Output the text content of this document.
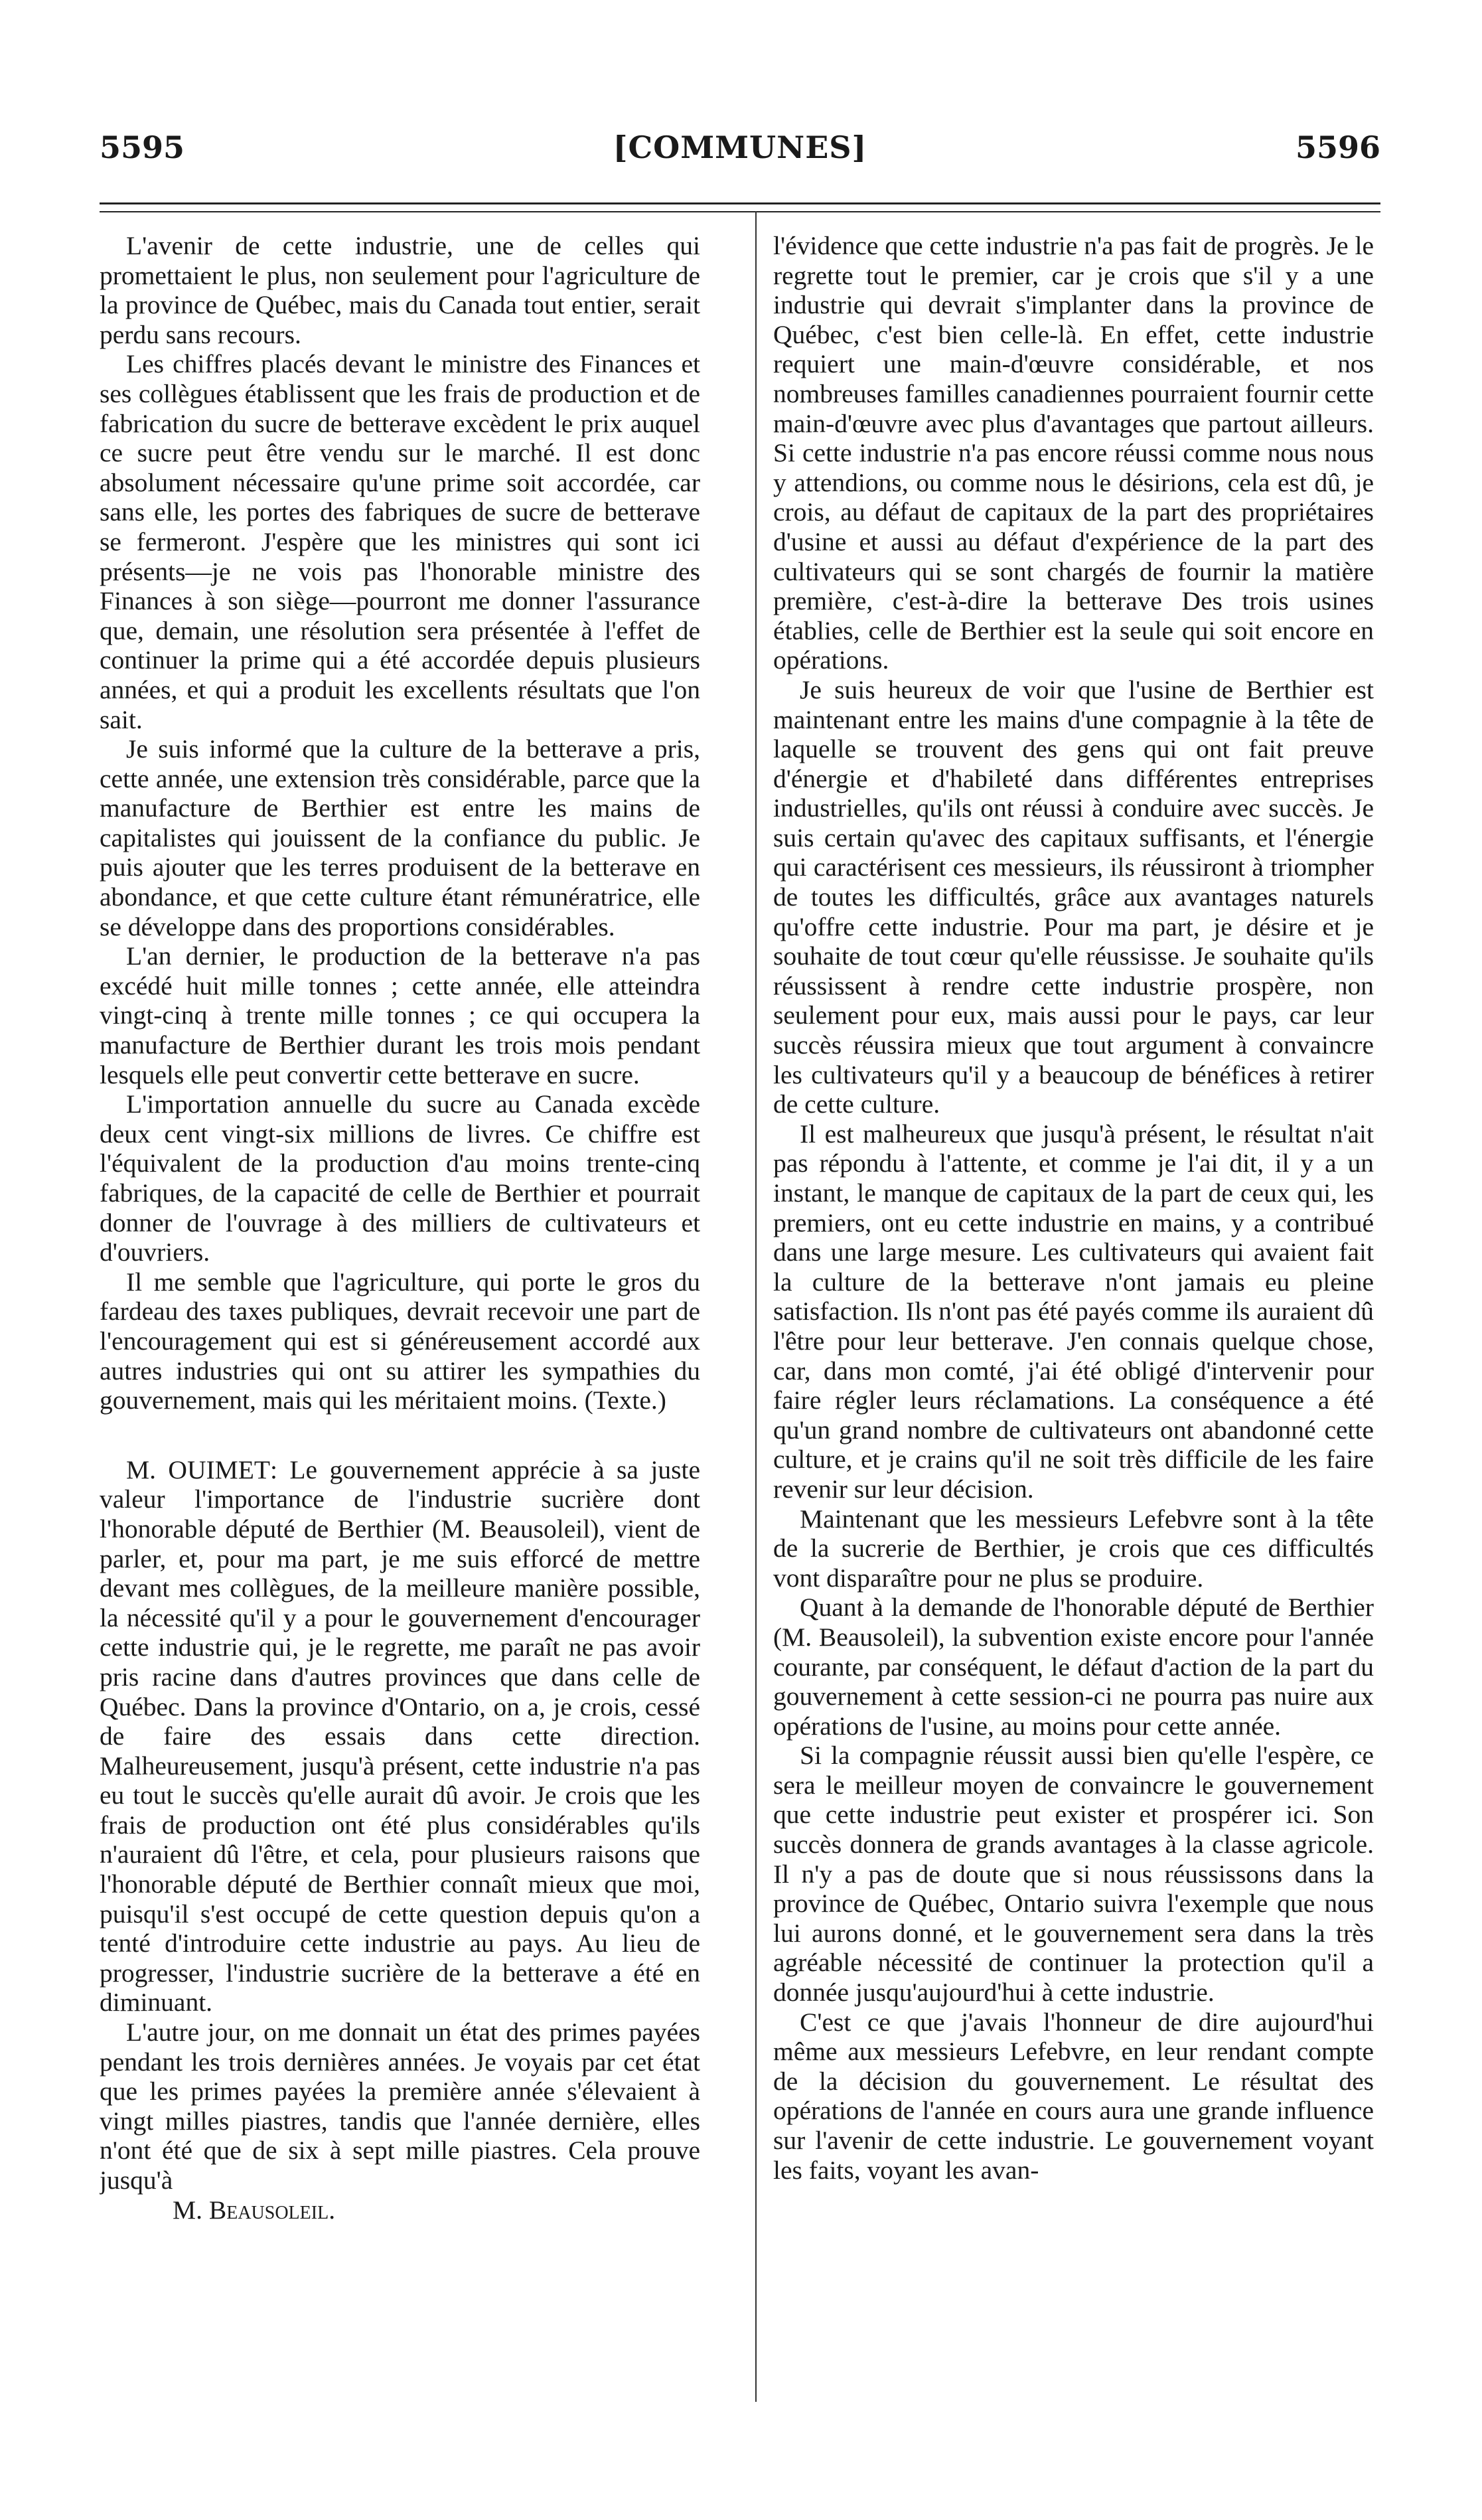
5595	[COMMUNES]	5596

L'avenir de cette industrie, une de celles qui promettaient le plus, non seulement pour l'agriculture de la province de Québec, mais du Canada tout entier, serait perdu sans recours.

Les chiffres placés devant le ministre des Finances et ses collègues établissent que les frais de production et de fabrication du sucre de betterave excèdent le prix auquel ce sucre peut être vendu sur le marché. Il est donc absolument nécessaire qu'une prime soit accordée, car sans elle, les portes des fabriques de sucre de betterave se fermeront. J'espère que les ministres qui sont ici présents—je ne vois pas l'honorable ministre des Finances à son siège—pourront me donner l'assurance que, demain, une résolution sera présentée à l'effet de continuer la prime qui a été accordée depuis plusieurs années, et qui a produit les excellents résultats que l'on sait.

Je suis informé que la culture de la betterave a pris, cette année, une extension très considérable, parce que la manufacture de Berthier est entre les mains de capitalistes qui jouissent de la confiance du public. Je puis ajouter que les terres produisent de la betterave en abondance, et que cette culture étant rémunératrice, elle se développe dans des proportions considérables.

L'an dernier, le production de la betterave n'a pas excédé huit mille tonnes ; cette année, elle atteindra vingt-cinq à trente mille tonnes ; ce qui occupera la manufacture de Berthier durant les trois mois pendant lesquels elle peut convertir cette betterave en sucre.

L'importation annuelle du sucre au Canada excède deux cent vingt-six millions de livres. Ce chiffre est l'équivalent de la production d'au moins trente-cinq fabriques, de la capacité de celle de Berthier et pourrait donner de l'ouvrage à des milliers de cultivateurs et d'ouvriers.

Il me semble que l'agriculture, qui porte le gros du fardeau des taxes publiques, devrait recevoir une part de l'encouragement qui est si généreusement accordé aux autres industries qui ont su attirer les sympathies du gouvernement, mais qui les méritaient moins. (Texte.)

M. OUIMET: Le gouvernement apprécie à sa juste valeur l'importance de l'industrie sucrière dont l'honorable député de Berthier (M. Beausoleil), vient de parler, et, pour ma part, je me suis efforcé de mettre devant mes collègues, de la meilleure manière possible, la nécessité qu'il y a pour le gouvernement d'encourager cette industrie qui, je le regrette, me paraît ne pas avoir pris racine dans d'autres provinces que dans celle de Québec. Dans la province d'Ontario, on a, je crois, cessé de faire des essais dans cette direction. Malheureusement, jusqu'à présent, cette industrie n'a pas eu tout le succès qu'elle aurait dû avoir. Je crois que les frais de production ont été plus considérables qu'ils n'auraient dû l'être, et cela, pour plusieurs raisons que l'honorable député de Berthier connaît mieux que moi, puisqu'il s'est occupé de cette question depuis qu'on a tenté d'introduire cette industrie au pays. Au lieu de progresser, l'industrie sucrière de la betterave a été en diminuant.

L'autre jour, on me donnait un état des primes payées pendant les trois dernières années. Je voyais par cet état que les primes payées la première année s'élevaient à vingt milles piastres, tandis que l'année dernière, elles n'ont été que de six à sept mille piastres. Cela prouve jusqu'à

M. Beausoleil.

l'évidence que cette industrie n'a pas fait de progrès. Je le regrette tout le premier, car je crois que s'il y a une industrie qui devrait s'implanter dans la province de Québec, c'est bien celle-là. En effet, cette industrie requiert une main-d'œuvre considérable, et nos nombreuses familles canadiennes pourraient fournir cette main-d'œuvre avec plus d'avantages que partout ailleurs. Si cette industrie n'a pas encore réussi comme nous nous y attendions, ou comme nous le désirions, cela est dû, je crois, au défaut de capitaux de la part des propriétaires d'usine et aussi au défaut d'expérience de la part des cultivateurs qui se sont chargés de fournir la matière première, c'est-à-dire la betterave Des trois usines établies, celle de Berthier est la seule qui soit encore en opérations.

Je suis heureux de voir que l'usine de Berthier est maintenant entre les mains d'une compagnie à la tête de laquelle se trouvent des gens qui ont fait preuve d'énergie et d'habileté dans différentes entreprises industrielles, qu'ils ont réussi à conduire avec succès. Je suis certain qu'avec des capitaux suffisants, et l'énergie qui caractérisent ces messieurs, ils réussiront à triompher de toutes les difficultés, grâce aux avantages naturels qu'offre cette industrie. Pour ma part, je désire et je souhaite de tout cœur qu'elle réussisse. Je souhaite qu'ils réussissent à rendre cette industrie prospère, non seulement pour eux, mais aussi pour le pays, car leur succès réussira mieux que tout argument à convaincre les cultivateurs qu'il y a beaucoup de bénéfices à retirer de cette culture.

Il est malheureux que jusqu'à présent, le résultat n'ait pas répondu à l'attente, et comme je l'ai dit, il y a un instant, le manque de capitaux de la part de ceux qui, les premiers, ont eu cette industrie en mains, y a contribué dans une large mesure. Les cultivateurs qui avaient fait la culture de la betterave n'ont jamais eu pleine satisfaction. Ils n'ont pas été payés comme ils auraient dû l'être pour leur betterave. J'en connais quelque chose, car, dans mon comté, j'ai été obligé d'intervenir pour faire régler leurs réclamations. La conséquence a été qu'un grand nombre de cultivateurs ont abandonné cette culture, et je crains qu'il ne soit très difficile de les faire revenir sur leur décision.

Maintenant que les messieurs Lefebvre sont à la tête de la sucrerie de Berthier, je crois que ces difficultés vont disparaître pour ne plus se produire.

Quant à la demande de l'honorable député de Berthier (M. Beausoleil), la subvention existe encore pour l'année courante, par conséquent, le défaut d'action de la part du gouvernement à cette session-ci ne pourra pas nuire aux opérations de l'usine, au moins pour cette année.

Si la compagnie réussit aussi bien qu'elle l'espère, ce sera le meilleur moyen de convaincre le gouvernement que cette industrie peut exister et prospérer ici. Son succès donnera de grands avantages à la classe agricole. Il n'y a pas de doute que si nous réussissons dans la province de Québec, Ontario suivra l'exemple que nous lui aurons donné, et le gouvernement sera dans la très agréable nécessité de continuer la protection qu'il a donnée jusqu'aujourd'hui à cette industrie.

C'est ce que j'avais l'honneur de dire aujourd'hui même aux messieurs Lefebvre, en leur rendant compte de la décision du gouvernement. Le résultat des opérations de l'année en cours aura une grande influence sur l'avenir de cette industrie. Le gouvernement voyant les faits, voyant les avan-
